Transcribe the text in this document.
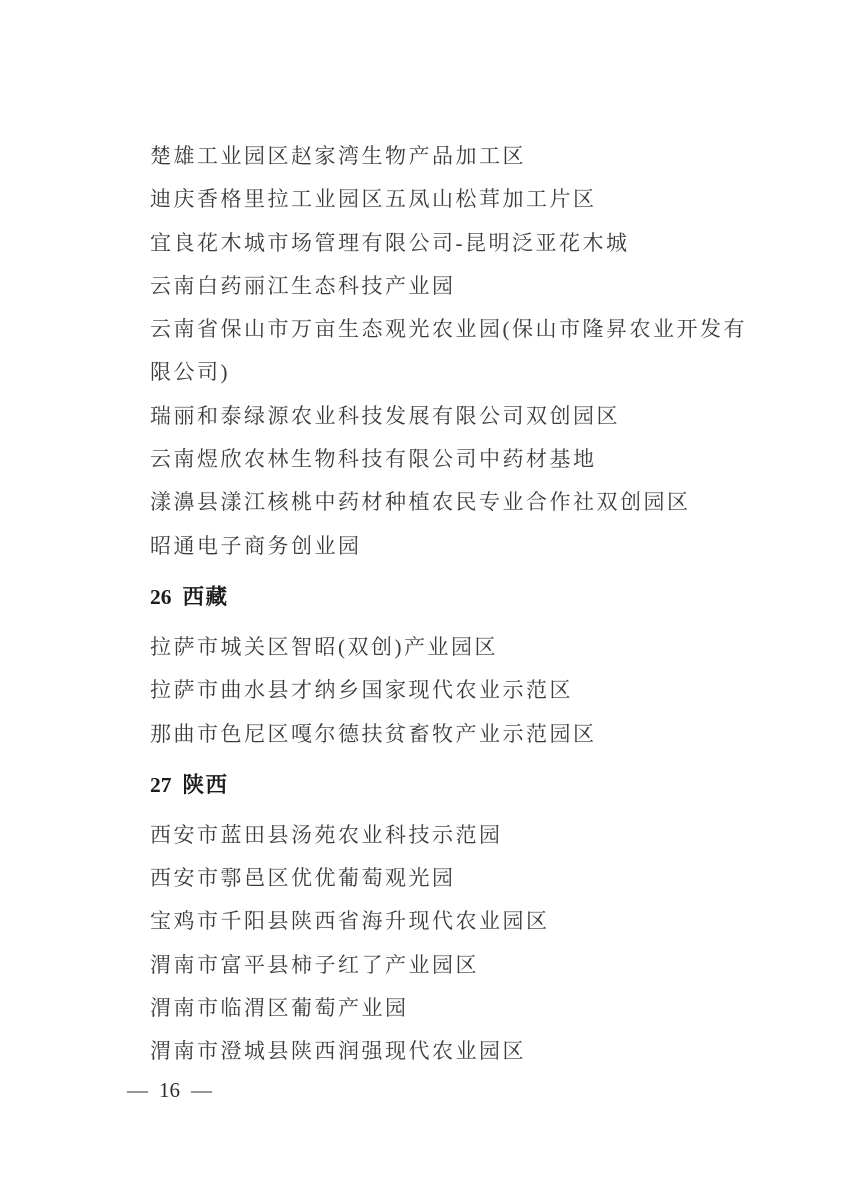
楚雄工业园区赵家湾生物产品加工区
迪庆香格里拉工业园区五凤山松茸加工片区
宜良花木城市场管理有限公司-昆明泛亚花木城
云南白药丽江生态科技产业园
云南省保山市万亩生态观光农业园(保山市隆昇农业开发有
限公司)
瑞丽和泰绿源农业科技发展有限公司双创园区
云南煜欣农林生物科技有限公司中药材基地
漾濞县漾江核桃中药材种植农民专业合作社双创园区
昭通电子商务创业园
26 西藏
拉萨市城关区智昭(双创)产业园区
拉萨市曲水县才纳乡国家现代农业示范区
那曲市色尼区嘎尔德扶贫畜牧产业示范园区
27 陕西
西安市蓝田县汤苑农业科技示范园
西安市鄠邑区优优葡萄观光园
宝鸡市千阳县陕西省海升现代农业园区
渭南市富平县柿子红了产业园区
渭南市临渭区葡萄产业园
渭南市澄城县陕西润强现代农业园区
— 16 —
